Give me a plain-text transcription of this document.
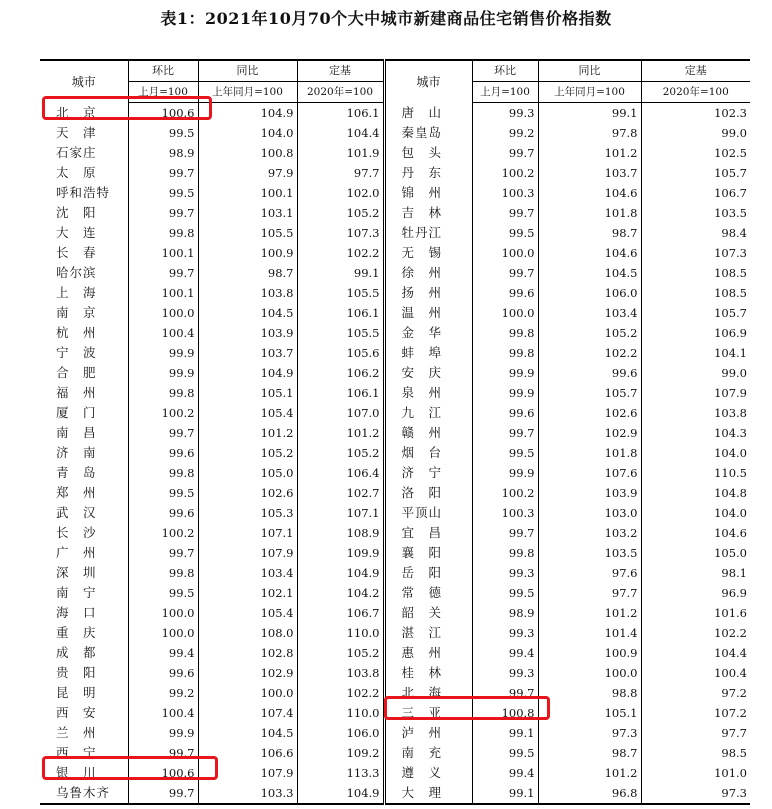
表1：2021年10月70个大中城市新建商品住宅销售价格指数
城市	环比	同比	定基	城市	环比	同比	定基
	上月=100	上年同月=100	2020年=100		上月=100	上年同月=100	2020年=100
北　京	100.6	104.9	106.1	唐　山	99.3	99.1	102.3
天　津	99.5	104.0	104.4	秦皇岛	99.2	97.8	99.0
石家庄	98.9	100.8	101.9	包　头	99.7	101.2	102.5
太　原	99.7	97.9	97.7	丹　东	100.2	103.7	105.7
呼和浩特	99.5	100.1	102.0	锦　州	100.3	104.6	106.7
沈　阳	99.7	103.1	105.2	吉　林	99.7	101.8	103.5
大　连	99.8	105.5	107.3	牡丹江	99.5	98.7	98.4
长　春	100.1	100.9	102.2	无　锡	100.0	104.6	107.3
哈尔滨	99.7	98.7	99.1	徐　州	99.7	104.5	108.5
上　海	100.1	103.8	105.5	扬　州	99.6	106.0	108.5
南　京	100.0	104.5	106.1	温　州	100.0	103.4	105.7
杭　州	100.4	103.9	105.5	金　华	99.8	105.2	106.9
宁　波	99.9	103.7	105.6	蚌　埠	99.8	102.2	104.1
合　肥	99.9	104.9	106.2	安　庆	99.9	99.6	99.0
福　州	99.8	105.1	106.1	泉　州	99.9	105.7	107.9
厦　门	100.2	105.4	107.0	九　江	99.6	102.6	103.8
南　昌	99.7	101.2	101.2	赣　州	99.7	102.9	104.3
济　南	99.6	105.2	105.2	烟　台	99.5	101.8	104.0
青　岛	99.8	105.0	106.4	济　宁	99.9	107.6	110.5
郑　州	99.5	102.6	102.7	洛　阳	100.2	103.9	104.8
武　汉	99.6	105.3	107.1	平顶山	100.3	103.0	104.0
长　沙	100.2	107.1	108.9	宜　昌	99.7	103.2	104.6
广　州	99.7	107.9	109.9	襄　阳	99.8	103.5	105.0
深　圳	99.8	103.4	104.9	岳　阳	99.3	97.6	98.1
南　宁	99.5	102.1	104.2	常　德	99.5	97.7	96.9
海　口	100.0	105.4	106.7	韶　关	98.9	101.2	101.6
重　庆	100.0	108.0	110.0	湛　江	99.3	101.4	102.2
成　都	99.4	102.8	105.2	惠　州	99.4	100.9	104.4
贵　阳	99.6	102.9	103.8	桂　林	99.3	100.0	100.4
昆　明	99.2	100.0	102.2	北　海	99.7	98.8	97.2
西　安	100.4	107.4	110.0	三　亚	100.8	105.1	107.2
兰　州	99.9	104.5	106.0	泸　州	99.1	97.3	97.7
西　宁	99.7	106.6	109.2	南　充	99.5	98.7	98.5
银　川	100.6	107.9	113.3	遵　义	99.4	101.2	101.0
乌鲁木齐	99.7	103.3	104.9	大　理	99.1	96.8	97.3
